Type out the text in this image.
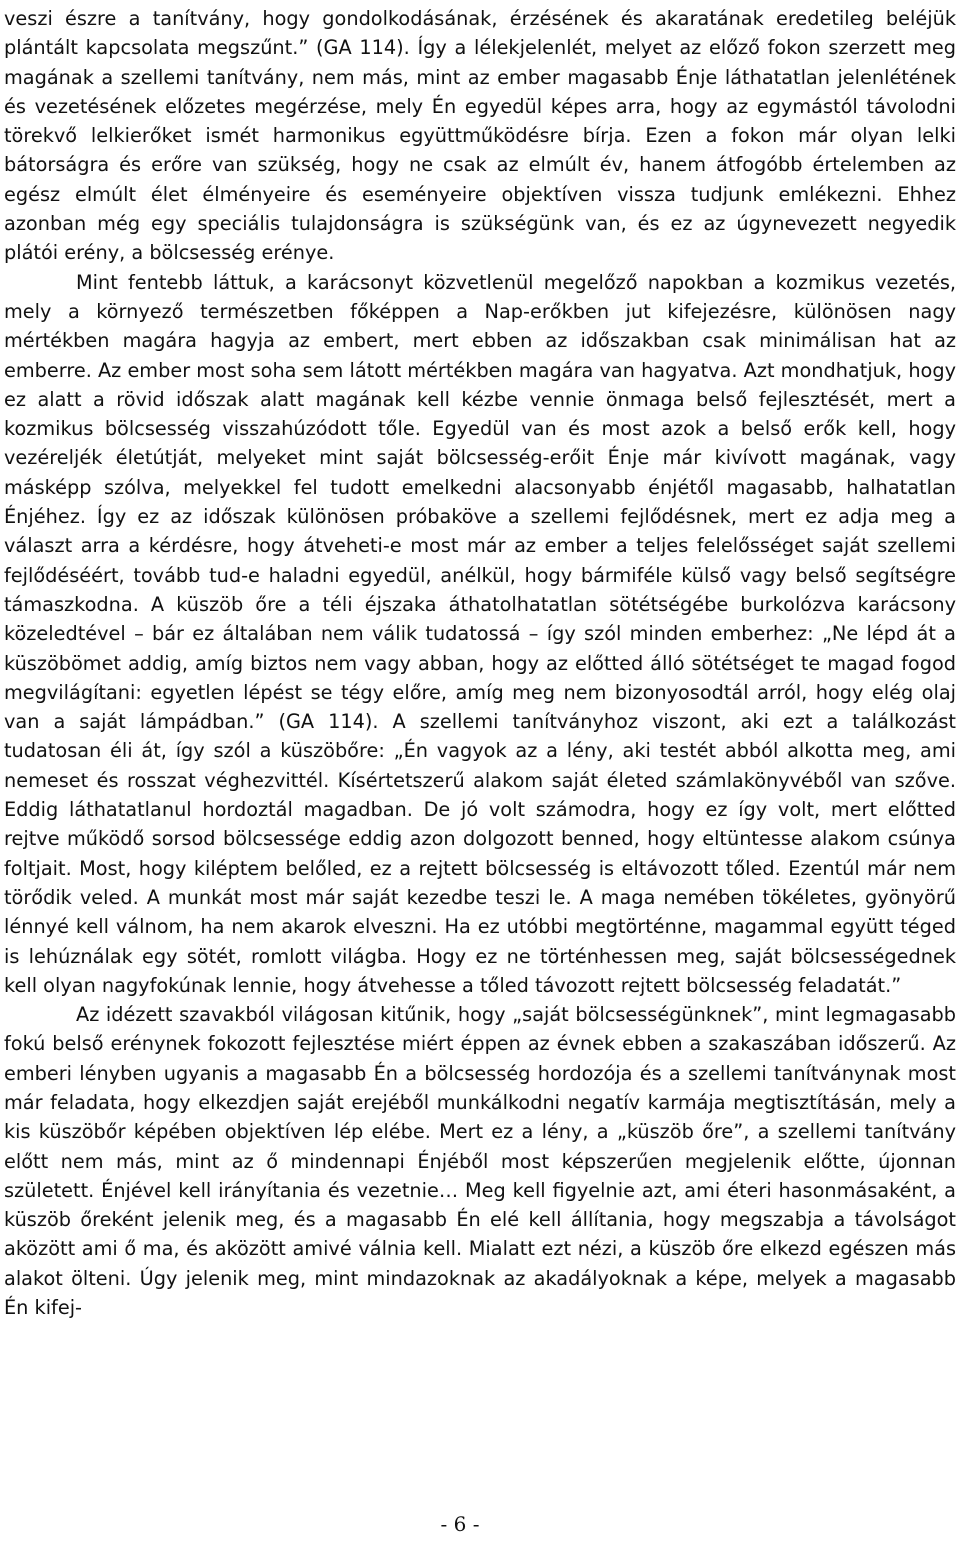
veszi észre a tanítvány, hogy gondolkodásának, érzésének és akaratának eredetileg beléjük plántált kapcsolata megszűnt.” (GA 114). Így a lélekjelenlét, melyet az előző fokon szerzett meg magának a szellemi tanítvány, nem más, mint az ember magasabb Énje láthatatlan jelenlétének és vezetésének előzetes megérzése, mely Én egyedül képes arra, hogy az egymástól távolodni törekvő lelkierőket ismét harmonikus együttműködésre bírja. Ezen a fokon már olyan lelki bátorságra és erőre van szükség, hogy ne csak az elmúlt év, hanem átfogóbb értelemben az egész elmúlt élet élményeire és eseményeire objektíven vissza tudjunk emlékezni. Ehhez azonban még egy speciális tulajdonságra is szükségünk van, és ez az úgynevezett negyedik plátói erény, a bölcsesség erénye.

Mint fentebb láttuk, a karácsonyt közvetlenül megelőző napokban a kozmikus vezetés, mely a környező természetben főképpen a Nap-erőkben jut kifejezésre, különösen nagy mértékben magára hagyja az embert, mert ebben az időszakban csak minimálisan hat az emberre. Az ember most soha sem látott mértékben magára van hagyatva. Azt mondhatjuk, hogy ez alatt a rövid időszak alatt magának kell kézbe vennie önmaga belső fejlesztését, mert a kozmikus bölcsesség visszahúzódott tőle. Egyedül van és most azok a belső erők kell, hogy vezéreljék életútját, melyeket mint saját bölcsesség-erőit Énje már kivívott magának, vagy másképp szólva, melyekkel fel tudott emelkedni alacsonyabb énjétől magasabb, halhatatlan Énjéhez. Így ez az időszak különösen próbaköve a szellemi fejlődésnek, mert ez adja meg a választ arra a kérdésre, hogy átveheti-e most már az ember a teljes felelősséget saját szellemi fejlődéséért, tovább tud-e haladni egyedül, anélkül, hogy bármiféle külső vagy belső segítségre támaszkodna. A küszöb őre a téli éjszaka áthatolhatatlan sötétségébe burkolózva karácsony közeledtével – bár ez általában nem válik tudatossá – így szól minden emberhez: „Ne lépd át a küszöbömet addig, amíg biztos nem vagy abban, hogy az előtted álló sötétséget te magad fogod megvilágítani: egyetlen lépést se tégy előre, amíg meg nem bizonyosodtál arról, hogy elég olaj van a saját lámpádban.” (GA 114). A szellemi tanítványhoz viszont, aki ezt a találkozást tudatosan éli át, így szól a küszöbőre: „Én vagyok az a lény, aki testét abból alkotta meg, ami nemeset és rosszat véghezvittél. Kísértetszerű alakom saját életed számlakönyvéből van szőve. Eddig láthatatlanul hordoztál magadban. De jó volt számodra, hogy ez így volt, mert előtted rejtve működő sorsod bölcsessége eddig azon dolgozott benned, hogy eltüntesse alakom csúnya foltjait. Most, hogy kiléptem belőled, ez a rejtett bölcsesség is eltávozott tőled. Ezentúl már nem törődik veled. A munkát most már saját kezedbe teszi le. A maga nemében tökéletes, gyönyörű lénnyé kell válnom, ha nem akarok elveszni. Ha ez utóbbi megtörténne, magammal együtt téged is lehúználak egy sötét, romlott világba. Hogy ez ne történhessen meg, saját bölcsességednek kell olyan nagyfokúnak lennie, hogy átvehesse a tőled távozott rejtett bölcsesség feladatát.”

Az idézett szavakból világosan kitűnik, hogy „saját bölcsességünknek”, mint legmagasabb fokú belső erénynek fokozott fejlesztése miért éppen az évnek ebben a szakaszában időszerű. Az emberi lényben ugyanis a magasabb Én a bölcsesség hordozója és a szellemi tanítványnak most már feladata, hogy elkezdjen saját erejéből munkálkodni negatív karmája megtisztításán, mely a kis küszöbőr képében objektíven lép elébe. Mert ez a lény, a „küszöb őre”, a szellemi tanítvány előtt nem más, mint az ő mindennapi Énjéből most képszerűen megjelenik előtte, újonnan született. Énjével kell irányítania és vezetnie… Meg kell figyelnie azt, ami éteri hasonmásaként, a küszöb őreként jelenik meg, és a magasabb Én elé kell állítania, hogy megszabja a távolságot aközött ami ő ma, és aközött amivé válnia kell. Mialatt ezt nézi, a küszöb őre elkezd egészen más alakot ölteni. Úgy jelenik meg, mint mindazoknak az akadályoknak a képe, melyek a magasabb Én kifej-

- 6 -
